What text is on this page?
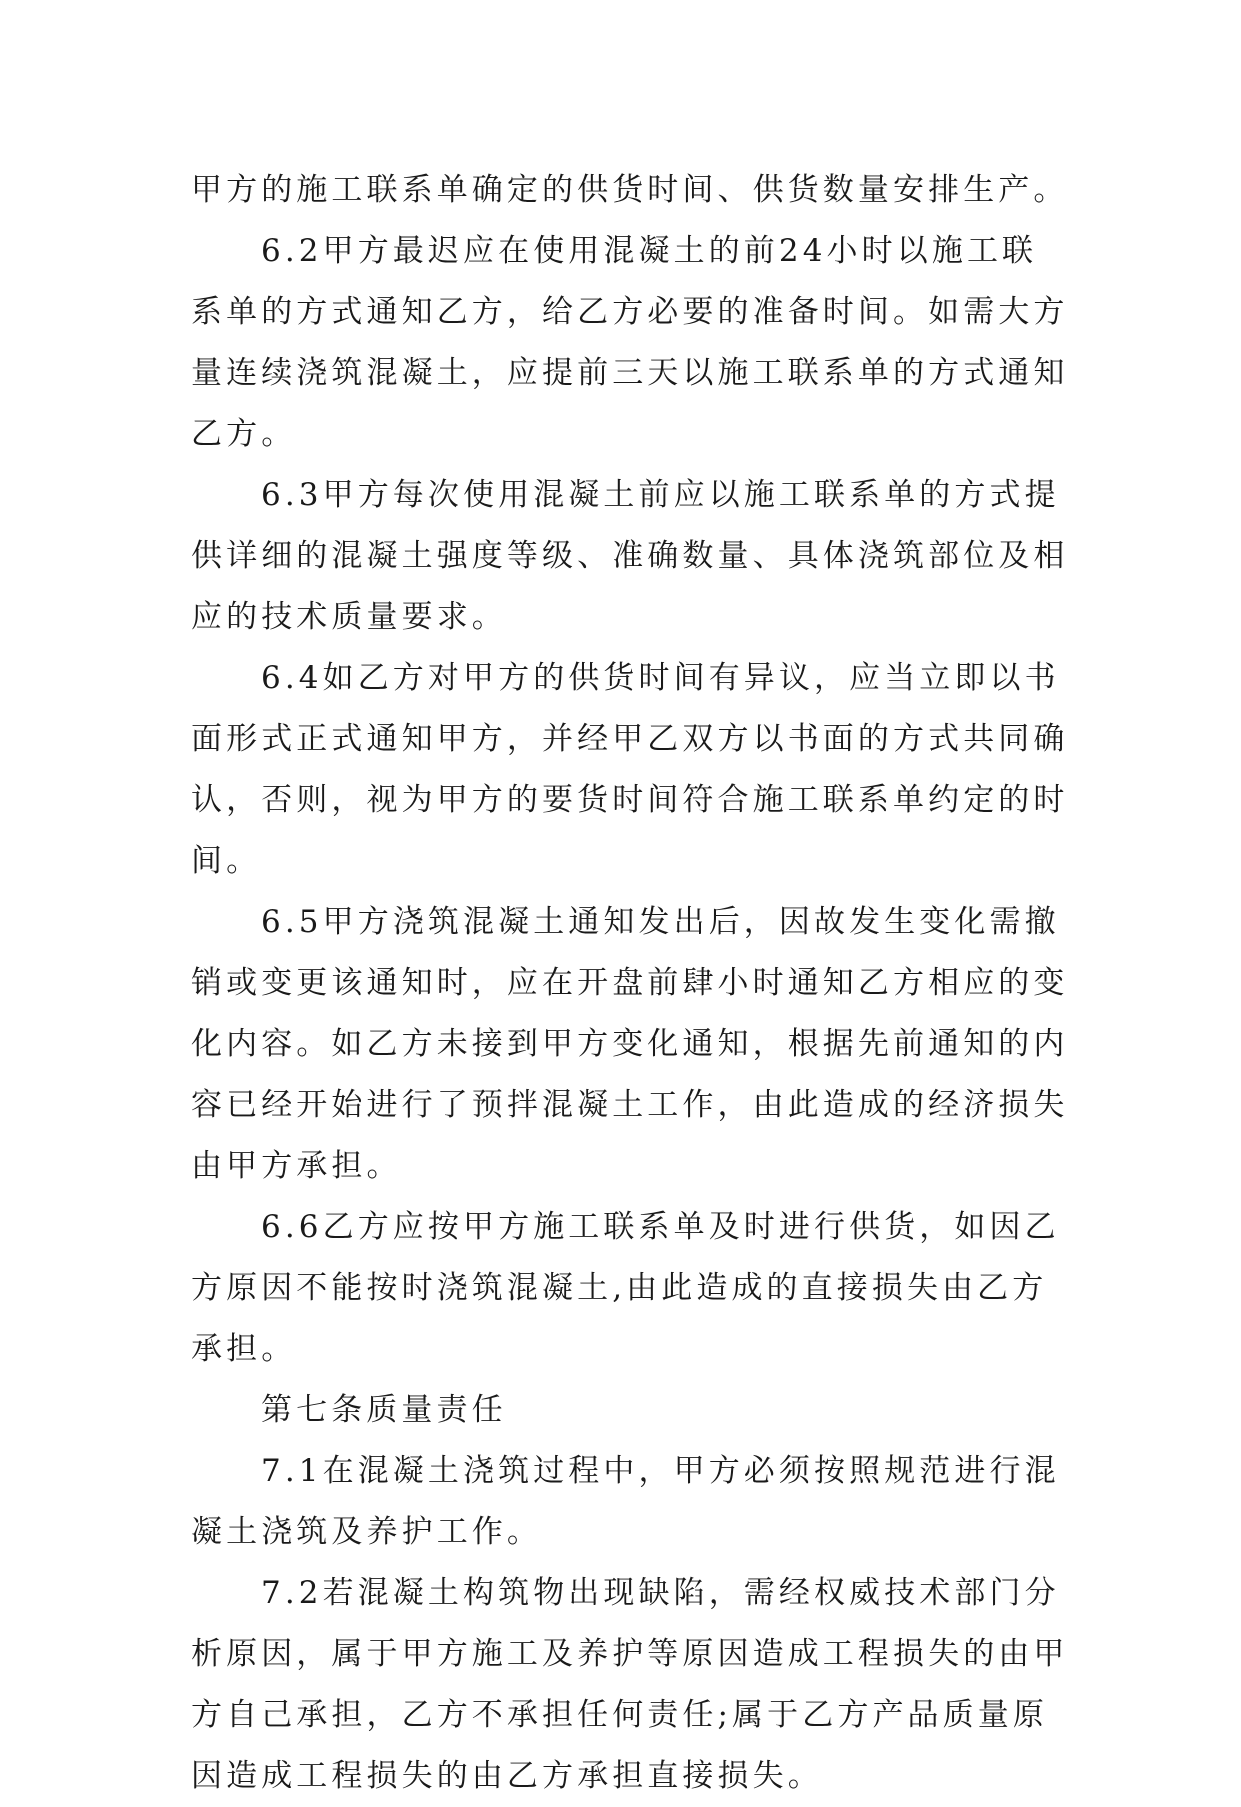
甲方的施工联系单确定的供货时间、供货数量安排生产。

6.2甲方最迟应在使用混凝土的前24小时以施工联系单的方式通知乙方，给乙方必要的准备时间。如需大方量连续浇筑混凝土，应提前三天以施工联系单的方式通知乙方。

6.3甲方每次使用混凝土前应以施工联系单的方式提供详细的混凝土强度等级、准确数量、具体浇筑部位及相应的技术质量要求。

6.4如乙方对甲方的供货时间有异议，应当立即以书面形式正式通知甲方，并经甲乙双方以书面的方式共同确认，否则，视为甲方的要货时间符合施工联系单约定的时间。

6.5甲方浇筑混凝土通知发出后，因故发生变化需撤销或变更该通知时，应在开盘前肆小时通知乙方相应的变化内容。如乙方未接到甲方变化通知，根据先前通知的内容已经开始进行了预拌混凝土工作，由此造成的经济损失由甲方承担。

6.6乙方应按甲方施工联系单及时进行供货，如因乙方原因不能按时浇筑混凝土,由此造成的直接损失由乙方承担。

第七条质量责任

7.1在混凝土浇筑过程中，甲方必须按照规范进行混凝土浇筑及养护工作。

7.2若混凝土构筑物出现缺陷，需经权威技术部门分析原因，属于甲方施工及养护等原因造成工程损失的由甲方自己承担，乙方不承担任何责任;属于乙方产品质量原因造成工程损失的由乙方承担直接损失。
